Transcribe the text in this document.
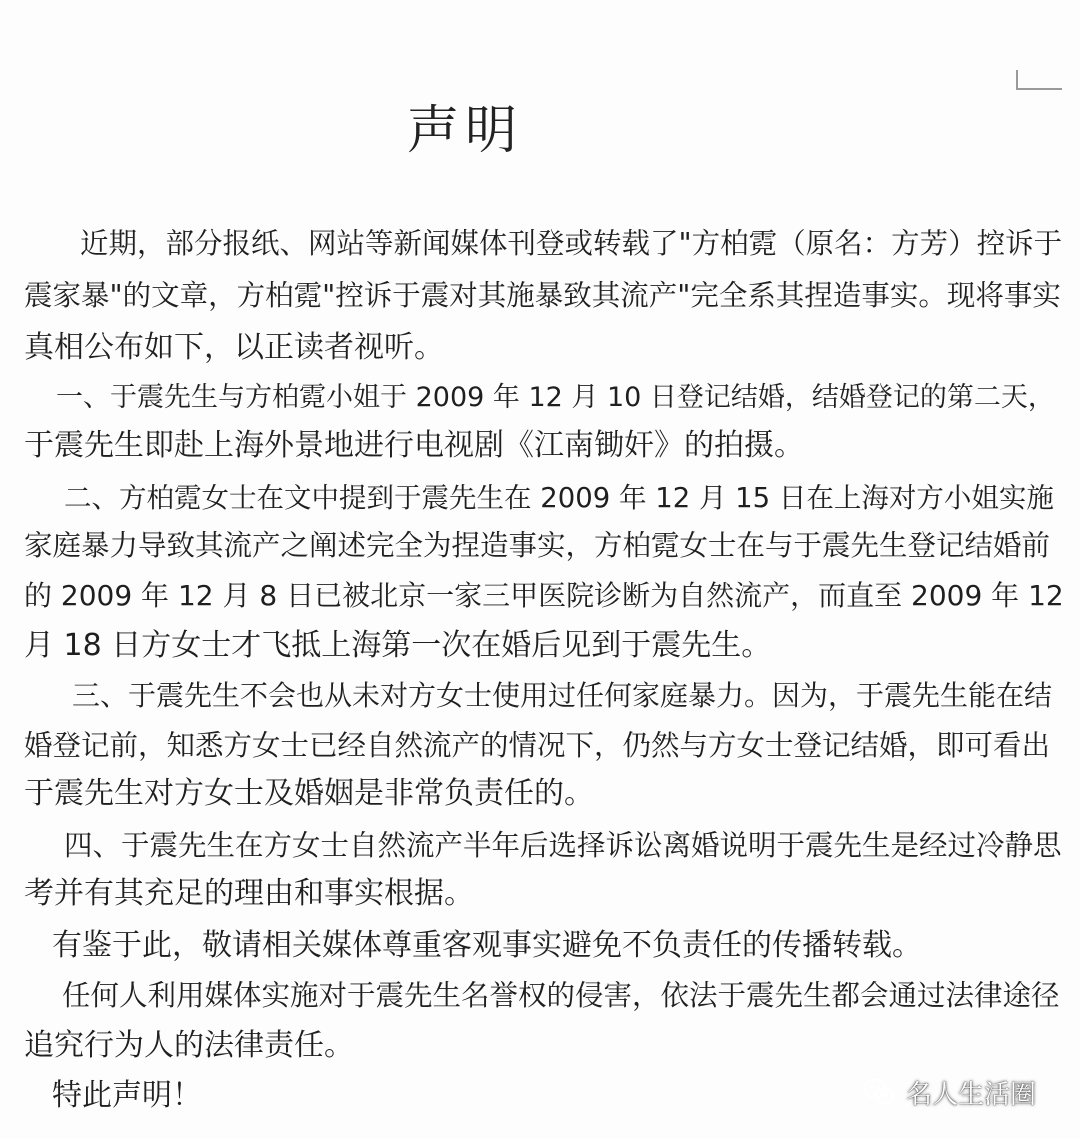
声明
近期，部分报纸、网站等新闻媒体刊登或转载了"方柏霓（原名：方芳）控诉于
震家暴"的文章，方柏霓"控诉于震对其施暴致其流产"完全系其捏造事实。现将事实
真相公布如下，以正读者视听。
一、于震先生与方柏霓小姐于 2009 年 12 月 10 日登记结婚，结婚登记的第二天，
于震先生即赴上海外景地进行电视剧《江南锄奸》的拍摄。
二、方柏霓女士在文中提到于震先生在 2009 年 12 月 15 日在上海对方小姐实施
家庭暴力导致其流产之阐述完全为捏造事实，方柏霓女士在与于震先生登记结婚前
的 2009 年 12 月 8 日已被北京一家三甲医院诊断为自然流产，而直至 2009 年 12
月 18 日方女士才飞抵上海第一次在婚后见到于震先生。
三、于震先生不会也从未对方女士使用过任何家庭暴力。因为，于震先生能在结
婚登记前，知悉方女士已经自然流产的情况下，仍然与方女士登记结婚，即可看出
于震先生对方女士及婚姻是非常负责任的。
四、于震先生在方女士自然流产半年后选择诉讼离婚说明于震先生是经过冷静思
考并有其充足的理由和事实根据。
有鉴于此，敬请相关媒体尊重客观事实避免不负责任的传播转载。
任何人利用媒体实施对于震先生名誉权的侵害，依法于震先生都会通过法律途径
追究行为人的法律责任。
特此声明！	名人生活圈
